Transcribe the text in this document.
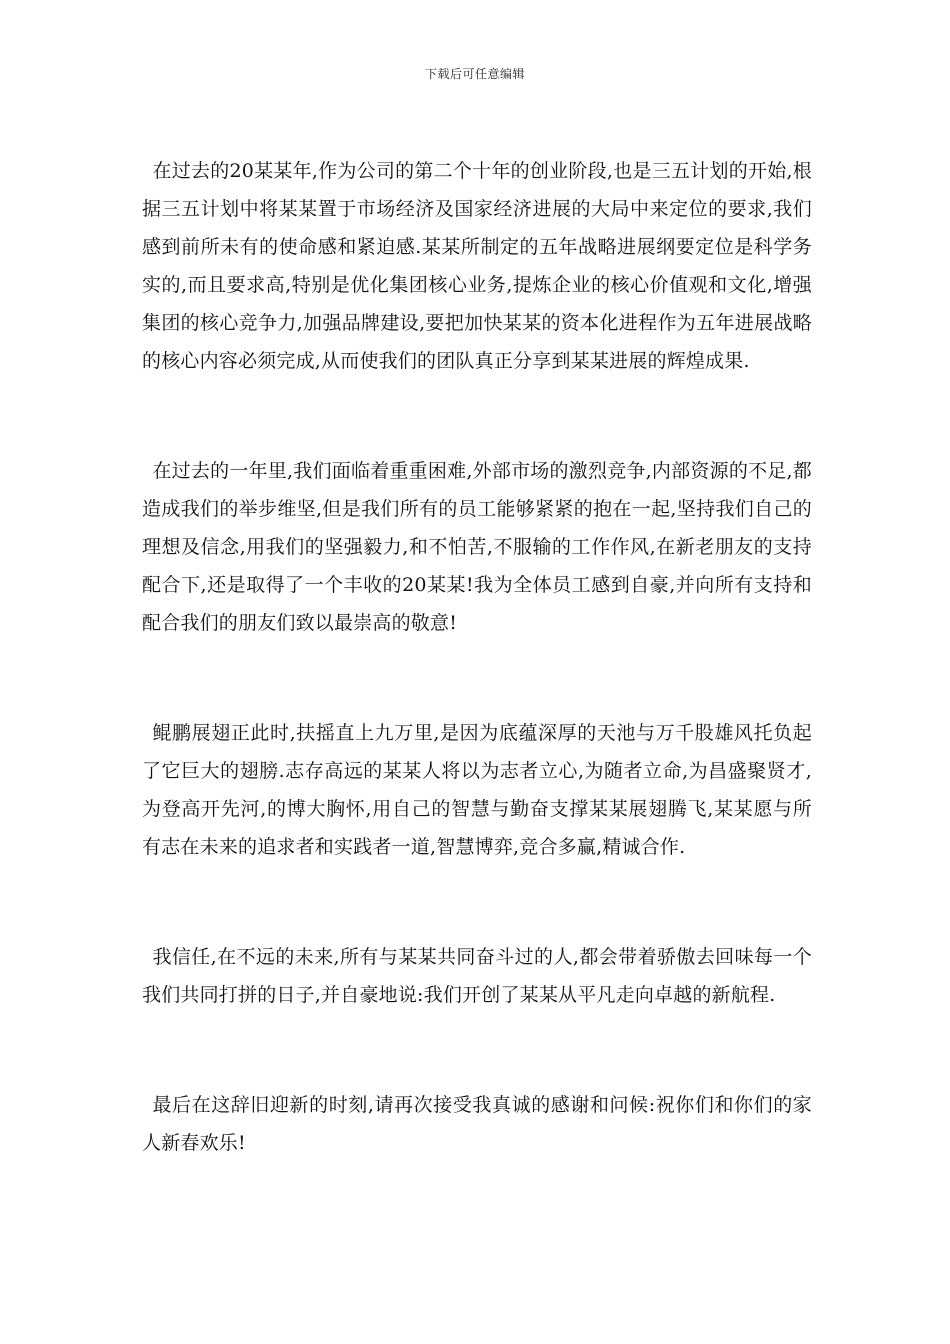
下载后可任意编辑

在过去的20某某年,作为公司的第二个十年的创业阶段,也是三五计划的开始,根据三五计划中将某某置于市场经济及国家经济进展的大局中来定位的要求,我们感到前所未有的使命感和紧迫感.某某所制定的五年战略进展纲要定位是科学务实的,而且要求高,特别是优化集团核心业务,提炼企业的核心价值观和文化,增强集团的核心竞争力,加强品牌建设,要把加快某某的资本化进程作为五年进展战略的核心内容必须完成,从而使我们的团队真正分享到某某进展的辉煌成果.

在过去的一年里,我们面临着重重困难,外部市场的激烈竞争,内部资源的不足,都造成我们的举步维坚,但是我们所有的员工能够紧紧的抱在一起,坚持我们自己的理想及信念,用我们的坚强毅力,和不怕苦,不服输的工作作风,在新老朋友的支持配合下,还是取得了一个丰收的20某某!我为全体员工感到自豪,并向所有支持和配合我们的朋友们致以最崇高的敬意!

鲲鹏展翅正此时,扶摇直上九万里,是因为底蕴深厚的天池与万千股雄风托负起了它巨大的翅膀.志存高远的某某人将以为志者立心,为随者立命,为昌盛聚贤才,为登高开先河,的博大胸怀,用自己的智慧与勤奋支撑某某展翅腾飞,某某愿与所有志在未来的追求者和实践者一道,智慧博弈,竞合多赢,精诚合作.

我信任,在不远的未来,所有与某某共同奋斗过的人,都会带着骄傲去回味每一个我们共同打拼的日子,并自豪地说:我们开创了某某从平凡走向卓越的新航程.

最后在这辞旧迎新的时刻,请再次接受我真诚的感谢和问候:祝你们和你们的家人新春欢乐!
